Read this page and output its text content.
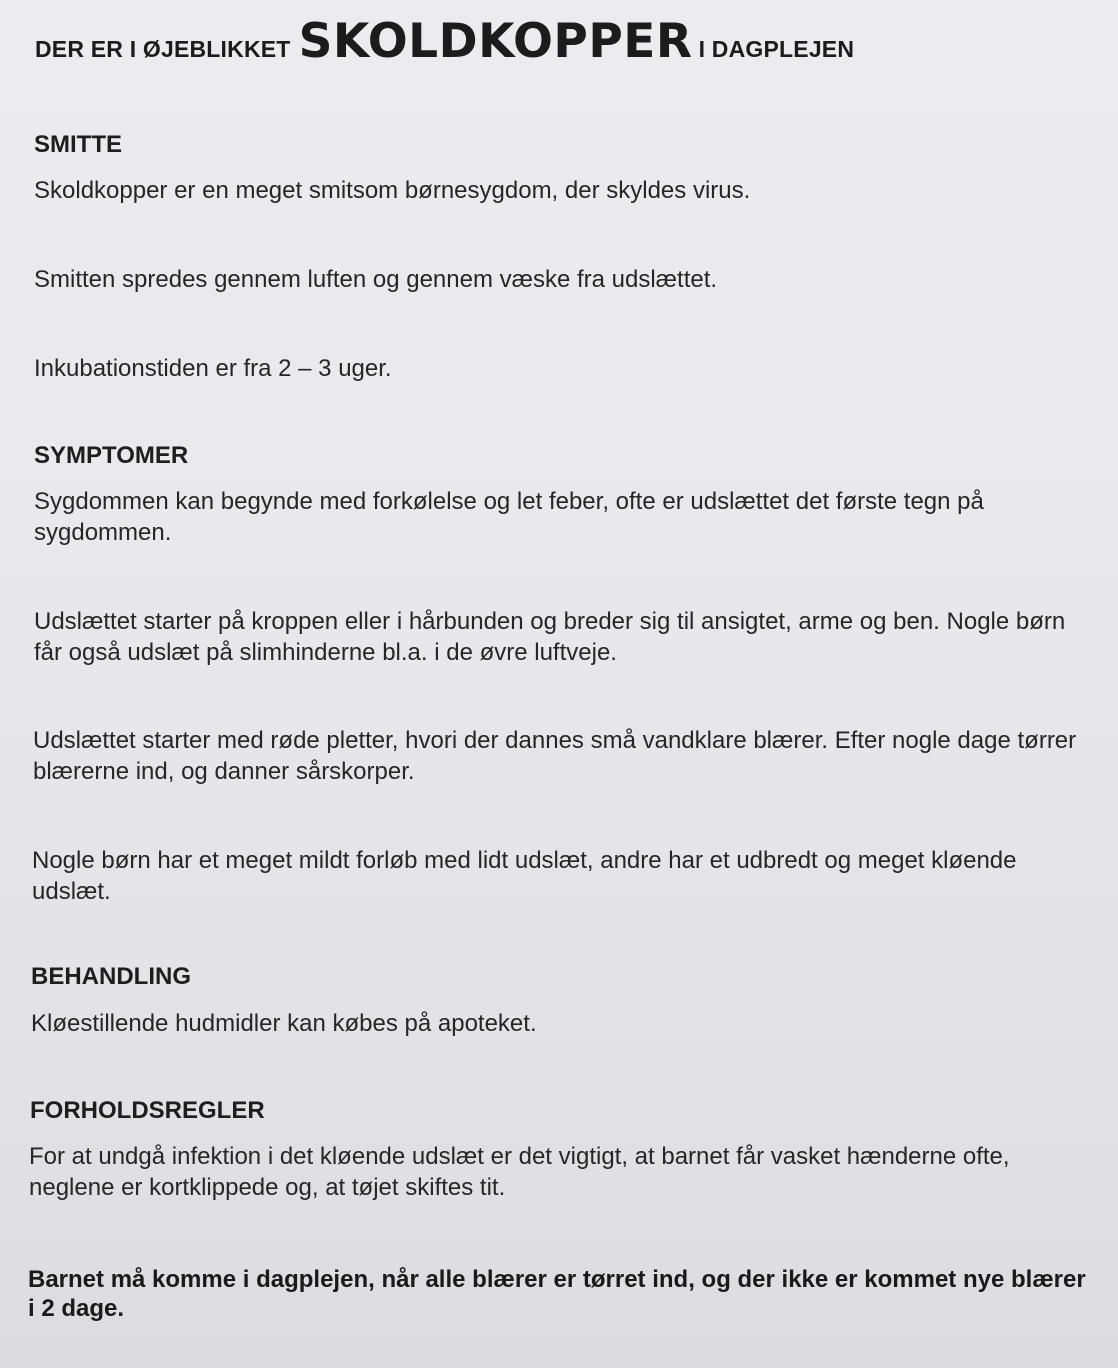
DER ER I ØJEBLIKKET SKOLDKOPPER I DAGPLEJEN
SMITTE
Skoldkopper er en meget smitsom børnesygdom, der skyldes virus.
Smitten spredes gennem luften og gennem væske fra udslættet.
Inkubationstiden er fra 2 – 3 uger.
SYMPTOMER
Sygdommen kan begynde med forkølelse og let feber, ofte er udslættet det første tegn på sygdommen.
Udslættet starter på kroppen eller i hårbunden og breder sig til ansigtet, arme og ben. Nogle børn får også udslæt på slimhinderne bl.a. i de øvre luftveje.
Udslættet starter med røde pletter, hvori der dannes små vandklare blærer. Efter nogle dage tørrer blærerne ind, og danner sårskorper.
Nogle børn har et meget mildt forløb med lidt udslæt, andre har et udbredt og meget kløende udslæt.
BEHANDLING
Kløestillende hudmidler kan købes på apoteket.
FORHOLDSREGLER
For at undgå infektion i det kløende udslæt er det vigtigt, at barnet får vasket hænderne ofte, neglene er kortklippede og, at tøjet skiftes tit.
Barnet må komme i dagplejen, når alle blærer er tørret ind, og der ikke er kommet nye blærer i 2 dage.
